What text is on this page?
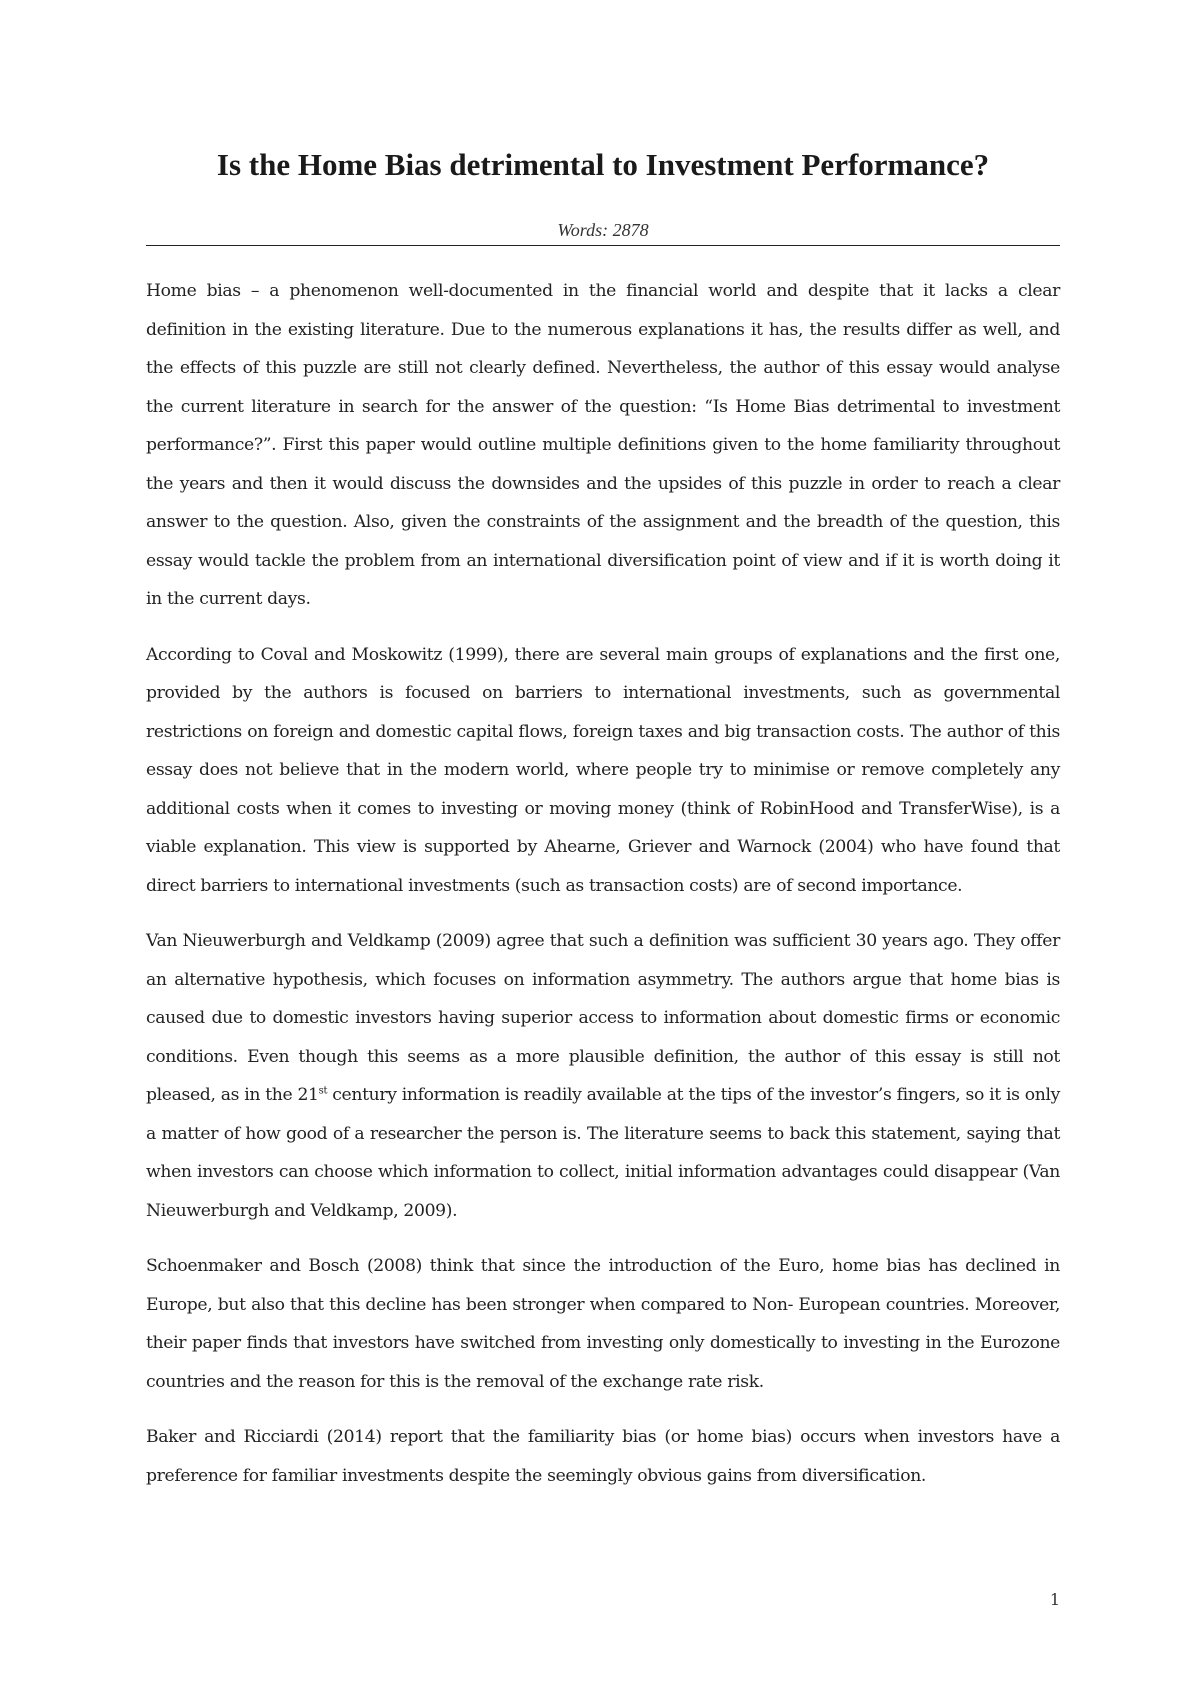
Is the Home Bias detrimental to Investment Performance?
Words: 2878

Home bias – a phenomenon well-documented in the financial world and despite that it lacks a clear definition in the existing literature. Due to the numerous explanations it has, the results differ as well, and the effects of this puzzle are still not clearly defined. Nevertheless, the author of this essay would analyse the current literature in search for the answer of the question: “Is Home Bias detrimental to investment performance?”. First this paper would outline multiple definitions given to the home familiarity throughout the years and then it would discuss the downsides and the upsides of this puzzle in order to reach a clear answer to the question. Also, given the constraints of the assignment and the breadth of the question, this essay would tackle the problem from an international diversification point of view and if it is worth doing it in the current days.

According to Coval and Moskowitz (1999), there are several main groups of explanations and the first one, provided by the authors is focused on barriers to international investments, such as governmental restrictions on foreign and domestic capital flows, foreign taxes and big transaction costs. The author of this essay does not believe that in the modern world, where people try to minimise or remove completely any additional costs when it comes to investing or moving money (think of RobinHood and TransferWise), is a viable explanation. This view is supported by Ahearne, Griever and Warnock (2004) who have found that direct barriers to international investments (such as transaction costs) are of second importance.

Van Nieuwerburgh and Veldkamp (2009) agree that such a definition was sufficient 30 years ago. They offer an alternative hypothesis, which focuses on information asymmetry. The authors argue that home bias is caused due to domestic investors having superior access to information about domestic firms or economic conditions. Even though this seems as a more plausible definition, the author of this essay is still not pleased, as in the 21st century information is readily available at the tips of the investor’s fingers, so it is only a matter of how good of a researcher the person is. The literature seems to back this statement, saying that when investors can choose which information to collect, initial information advantages could disappear (Van Nieuwerburgh and Veldkamp, 2009).

Schoenmaker and Bosch (2008) think that since the introduction of the Euro, home bias has declined in Europe, but also that this decline has been stronger when compared to Non- European countries. Moreover, their paper finds that investors have switched from investing only domestically to investing in the Eurozone countries and the reason for this is the removal of the exchange rate risk.

Baker and Ricciardi (2014) report that the familiarity bias (or home bias) occurs when investors have a preference for familiar investments despite the seemingly obvious gains from diversification.

1
